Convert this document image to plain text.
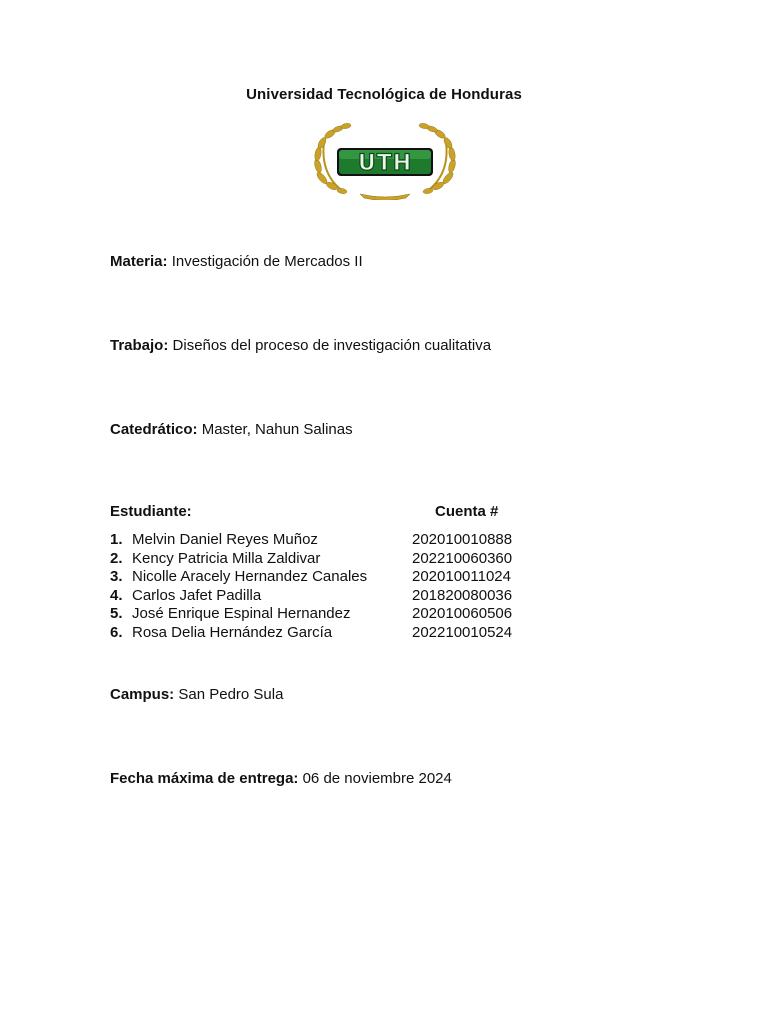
Universidad Tecnológica de Honduras
UTH
Materia: Investigación de Mercados II
Trabajo: Diseños del proceso de investigación cualitativa
Catedrático: Master, Nahun Salinas
Estudiante:	Cuenta #
1. Melvin Daniel Reyes Muñoz	202010010888
2. Kency Patricia Milla Zaldivar	202210060360
3. Nicolle Aracely Hernandez Canales	202010011024
4. Carlos Jafet Padilla	201820080036
5. José Enrique Espinal Hernandez	202010060506
6. Rosa Delia Hernández García	202210010524
Campus: San Pedro Sula
Fecha máxima de entrega: 06 de noviembre 2024
